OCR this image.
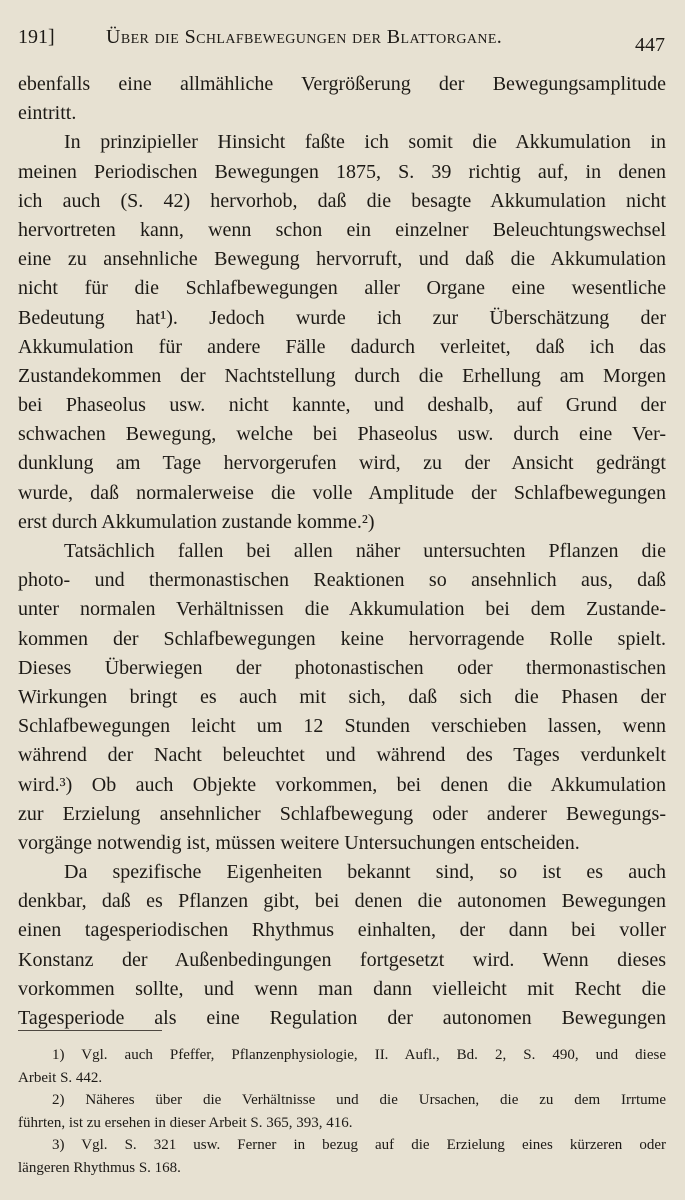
191]	Über die Schlafbewegungen der Blattorgane.	447
ebenfalls eine allmähliche Vergrößerung der Bewegungsamplitude
eintritt.
In prinzipieller Hinsicht faßte ich somit die Akkumulation in
meinen Periodischen Bewegungen 1875, S. 39 richtig auf, in denen
ich auch (S. 42) hervorhob, daß die besagte Akkumulation nicht
hervortreten kann, wenn schon ein einzelner Beleuchtungswechsel
eine zu ansehnliche Bewegung hervorruft, und daß die Akkumulation
nicht für die Schlafbewegungen aller Organe eine wesentliche
Bedeutung hat¹). Jedoch wurde ich zur Überschätzung der
Akkumulation für andere Fälle dadurch verleitet, daß ich das
Zustandekommen der Nachtstellung durch die Erhellung am Morgen
bei Phaseolus usw. nicht kannte, und deshalb, auf Grund der
schwachen Bewegung, welche bei Phaseolus usw. durch eine Ver-
dunklung am Tage hervorgerufen wird, zu der Ansicht gedrängt
wurde, daß normalerweise die volle Amplitude der Schlafbewegungen
erst durch Akkumulation zustande komme.²)
Tatsächlich fallen bei allen näher untersuchten Pflanzen die
photo- und thermonastischen Reaktionen so ansehnlich aus, daß
unter normalen Verhältnissen die Akkumulation bei dem Zustande-
kommen der Schlafbewegungen keine hervorragende Rolle spielt.
Dieses Überwiegen der photonastischen oder thermonastischen
Wirkungen bringt es auch mit sich, daß sich die Phasen der
Schlafbewegungen leicht um 12 Stunden verschieben lassen, wenn
während der Nacht beleuchtet und während des Tages verdunkelt
wird.³) Ob auch Objekte vorkommen, bei denen die Akkumulation
zur Erzielung ansehnlicher Schlafbewegung oder anderer Bewegungs-
vorgänge notwendig ist, müssen weitere Untersuchungen entscheiden.
Da spezifische Eigenheiten bekannt sind, so ist es auch
denkbar, daß es Pflanzen gibt, bei denen die autonomen Bewegungen
einen tagesperiodischen Rhythmus einhalten, der dann bei voller
Konstanz der Außenbedingungen fortgesetzt wird. Wenn dieses
vorkommen sollte, und wenn man dann vielleicht mit Recht die
Tagesperiode als eine Regulation der autonomen Bewegungen
1) Vgl. auch Pfeffer, Pflanzenphysiologie, II. Aufl., Bd. 2, S. 490, und diese
Arbeit S. 442.
2) Näheres über die Verhältnisse und die Ursachen, die zu dem Irrtume
führten, ist zu ersehen in dieser Arbeit S. 365, 393, 416.
3) Vgl. S. 321 usw. Ferner in bezug auf die Erzielung eines kürzeren oder
längeren Rhythmus S. 168.
